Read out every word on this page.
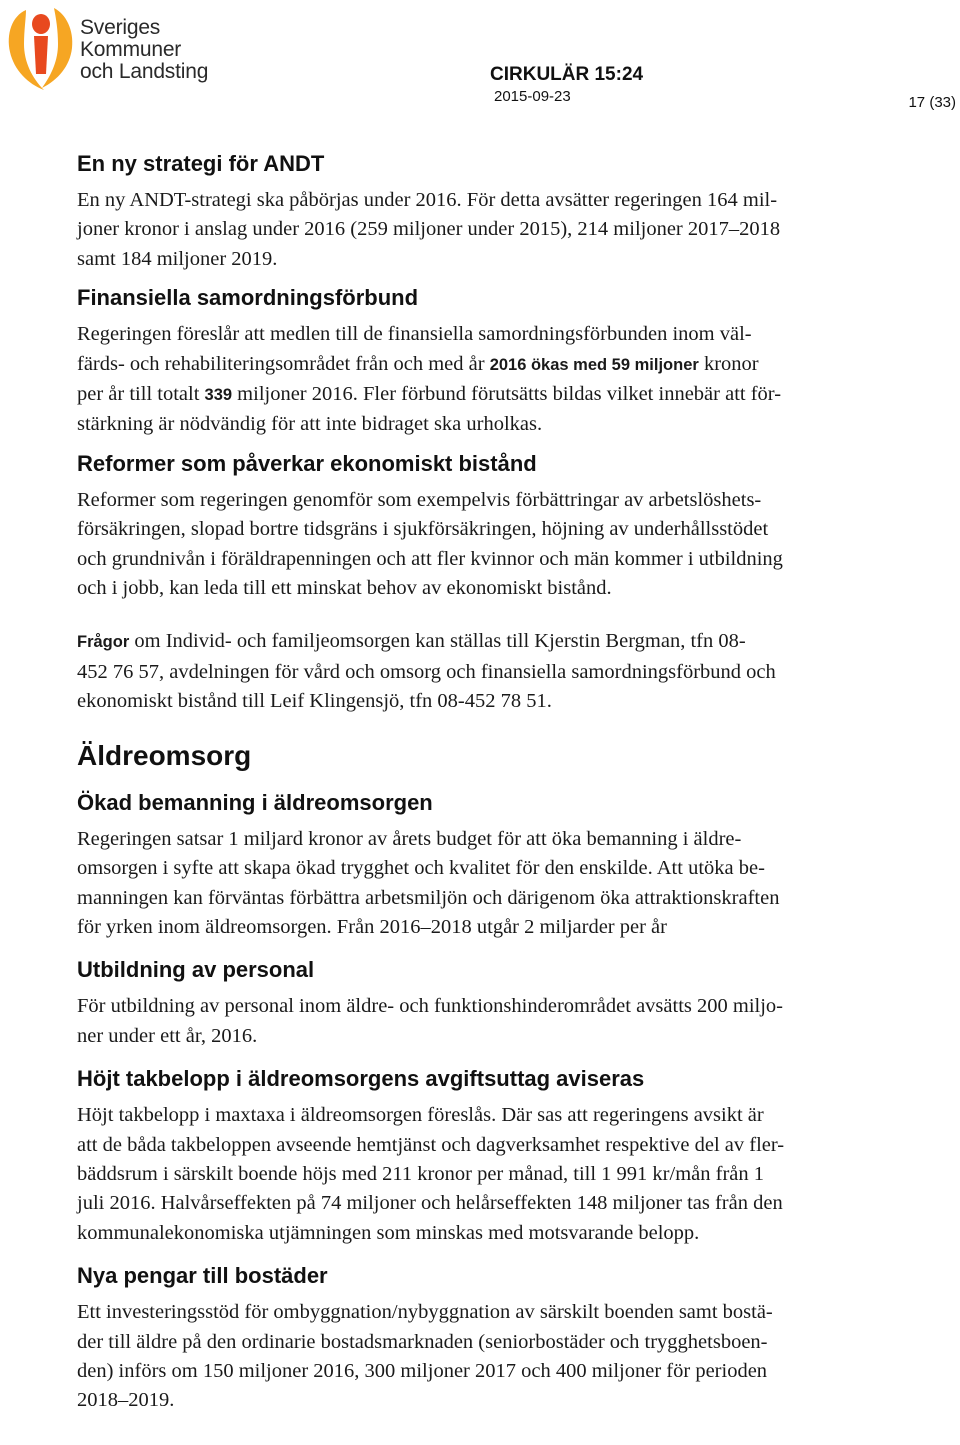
Sveriges
Kommuner
och Landsting	CIRKULÄR 15:24
2015-09-23	17 (33)
En ny strategi för ANDT

En ny ANDT-strategi ska påbörjas under 2016. För detta avsätter regeringen 164 mil-
joner kronor i anslag under 2016 (259 miljoner under 2015), 214 miljoner 2017–2018
samt 184 miljoner 2019.

Finansiella samordningsförbund

Regeringen föreslår att medlen till de finansiella samordningsförbunden inom väl-
färds- och rehabiliteringsområdet från och med år 2016 ökas med 59 miljoner kronor
per år till totalt 339 miljoner 2016. Fler förbund förutsätts bildas vilket innebär att för-
stärkning är nödvändig för att inte bidraget ska urholkas.

Reformer som påverkar ekonomiskt bistånd

Reformer som regeringen genomför som exempelvis förbättringar av arbetslöshets-
försäkringen, slopad bortre tidsgräns i sjukförsäkringen, höjning av underhållsstödet
och grundnivån i föräldrapenningen och att fler kvinnor och män kommer i utbildning
och i jobb, kan leda till ett minskat behov av ekonomiskt bistånd.

Frågor om Individ- och familjeomsorgen kan ställas till Kjerstin Bergman, tfn 08-
452 76 57, avdelningen för vård och omsorg och finansiella samordningsförbund och
ekonomiskt bistånd till Leif Klingensjö, tfn 08-452 78 51.

Äldreomsorg
Ökad bemanning i äldreomsorgen

Regeringen satsar 1 miljard kronor av årets budget för att öka bemanning i äldre-
omsorgen i syfte att skapa ökad trygghet och kvalitet för den enskilde. Att utöka be-
manningen kan förväntas förbättra arbetsmiljön och därigenom öka attraktionskraften
för yrken inom äldreomsorgen. Från 2016–2018 utgår 2 miljarder per år

Utbildning av personal

För utbildning av personal inom äldre- och funktionshinderområdet avsätts 200 miljo-
ner under ett år, 2016.

Höjt takbelopp i äldreomsorgens avgiftsuttag aviseras

Höjt takbelopp i maxtaxa i äldreomsorgen föreslås. Där sas att regeringens avsikt är
att de båda takbeloppen avseende hemtjänst och dagverksamhet respektive del av fler-
bäddsrum i särskilt boende höjs med 211 kronor per månad, till 1 991 kr/mån från 1
juli 2016. Halvårseffekten på 74 miljoner och helårseffekten 148 miljoner tas från den
kommunalekonomiska utjämningen som minskas med motsvarande belopp.

Nya pengar till bostäder

Ett investeringsstöd för ombyggnation/nybyggnation av särskilt boenden samt bostä-
der till äldre på den ordinarie bostadsmarknaden (seniorbostäder och trygghetsboen-
den) införs om 150 miljoner 2016, 300 miljoner 2017 och 400 miljoner för perioden
2018–2019.
